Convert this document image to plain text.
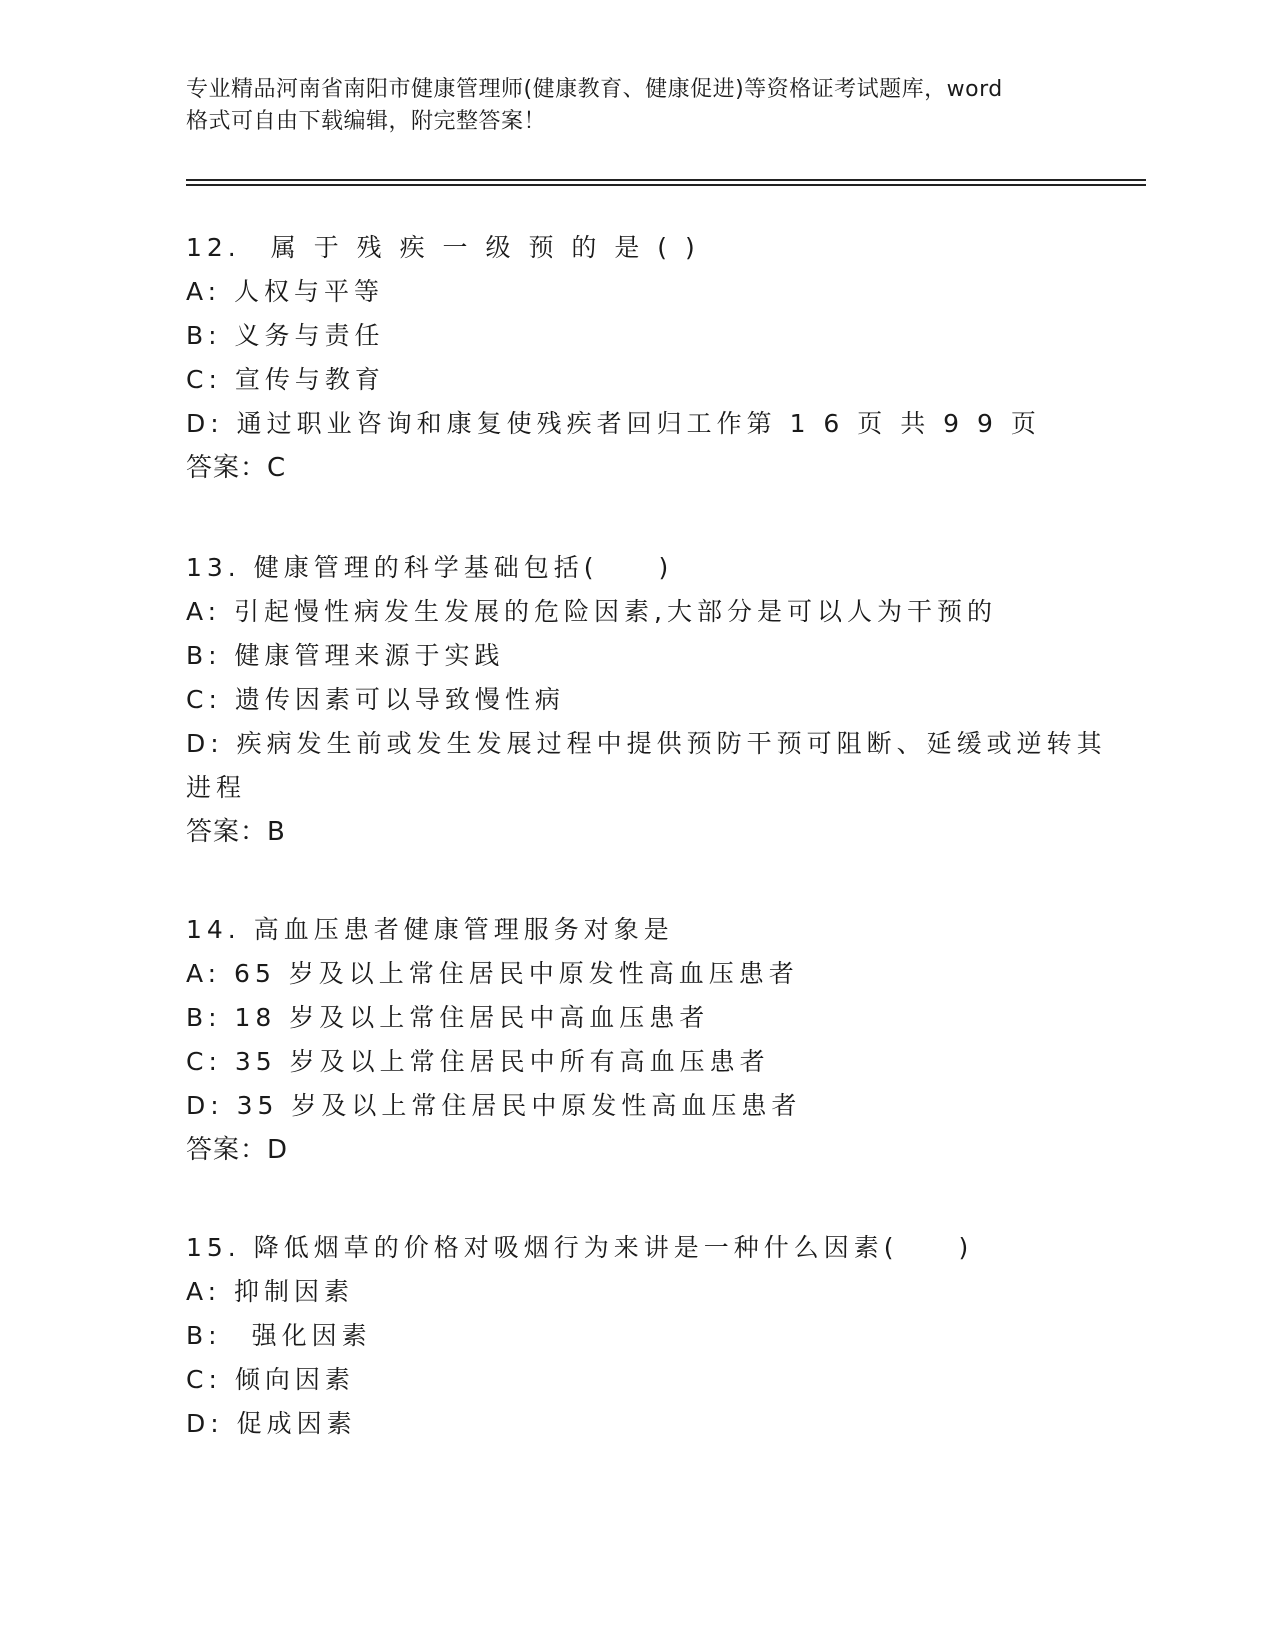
专业精品河南省南阳市健康管理师(健康教育、健康促进)等资格证考试题库，word
格式可自由下载编辑，附完整答案！
12.　属 于 残 疾 一 级 预 的 是 ( )
A: 人权与平等
B: 义务与责任
C: 宣传与教育
D: 通过职业咨询和康复使残疾者回归工作第 1 6 页 共 9 9 页
答案：C
13. 健康管理的科学基础包括(　　)
A: 引起慢性病发生发展的危险因素,大部分是可以人为干预的
B: 健康管理来源于实践
C: 遗传因素可以导致慢性病
D: 疾病发生前或发生发展过程中提供预防干预可阻断、延缓或逆转其
进程
答案：B
14. 高血压患者健康管理服务对象是
A: 65 岁及以上常住居民中原发性高血压患者
B: 18 岁及以上常住居民中高血压患者
C: 35 岁及以上常住居民中所有高血压患者
D: 35 岁及以上常住居民中原发性高血压患者
答案：D
15. 降低烟草的价格对吸烟行为来讲是一种什么因素(　　)
A: 抑制因素
B:　强化因素
C: 倾向因素
D: 促成因素
